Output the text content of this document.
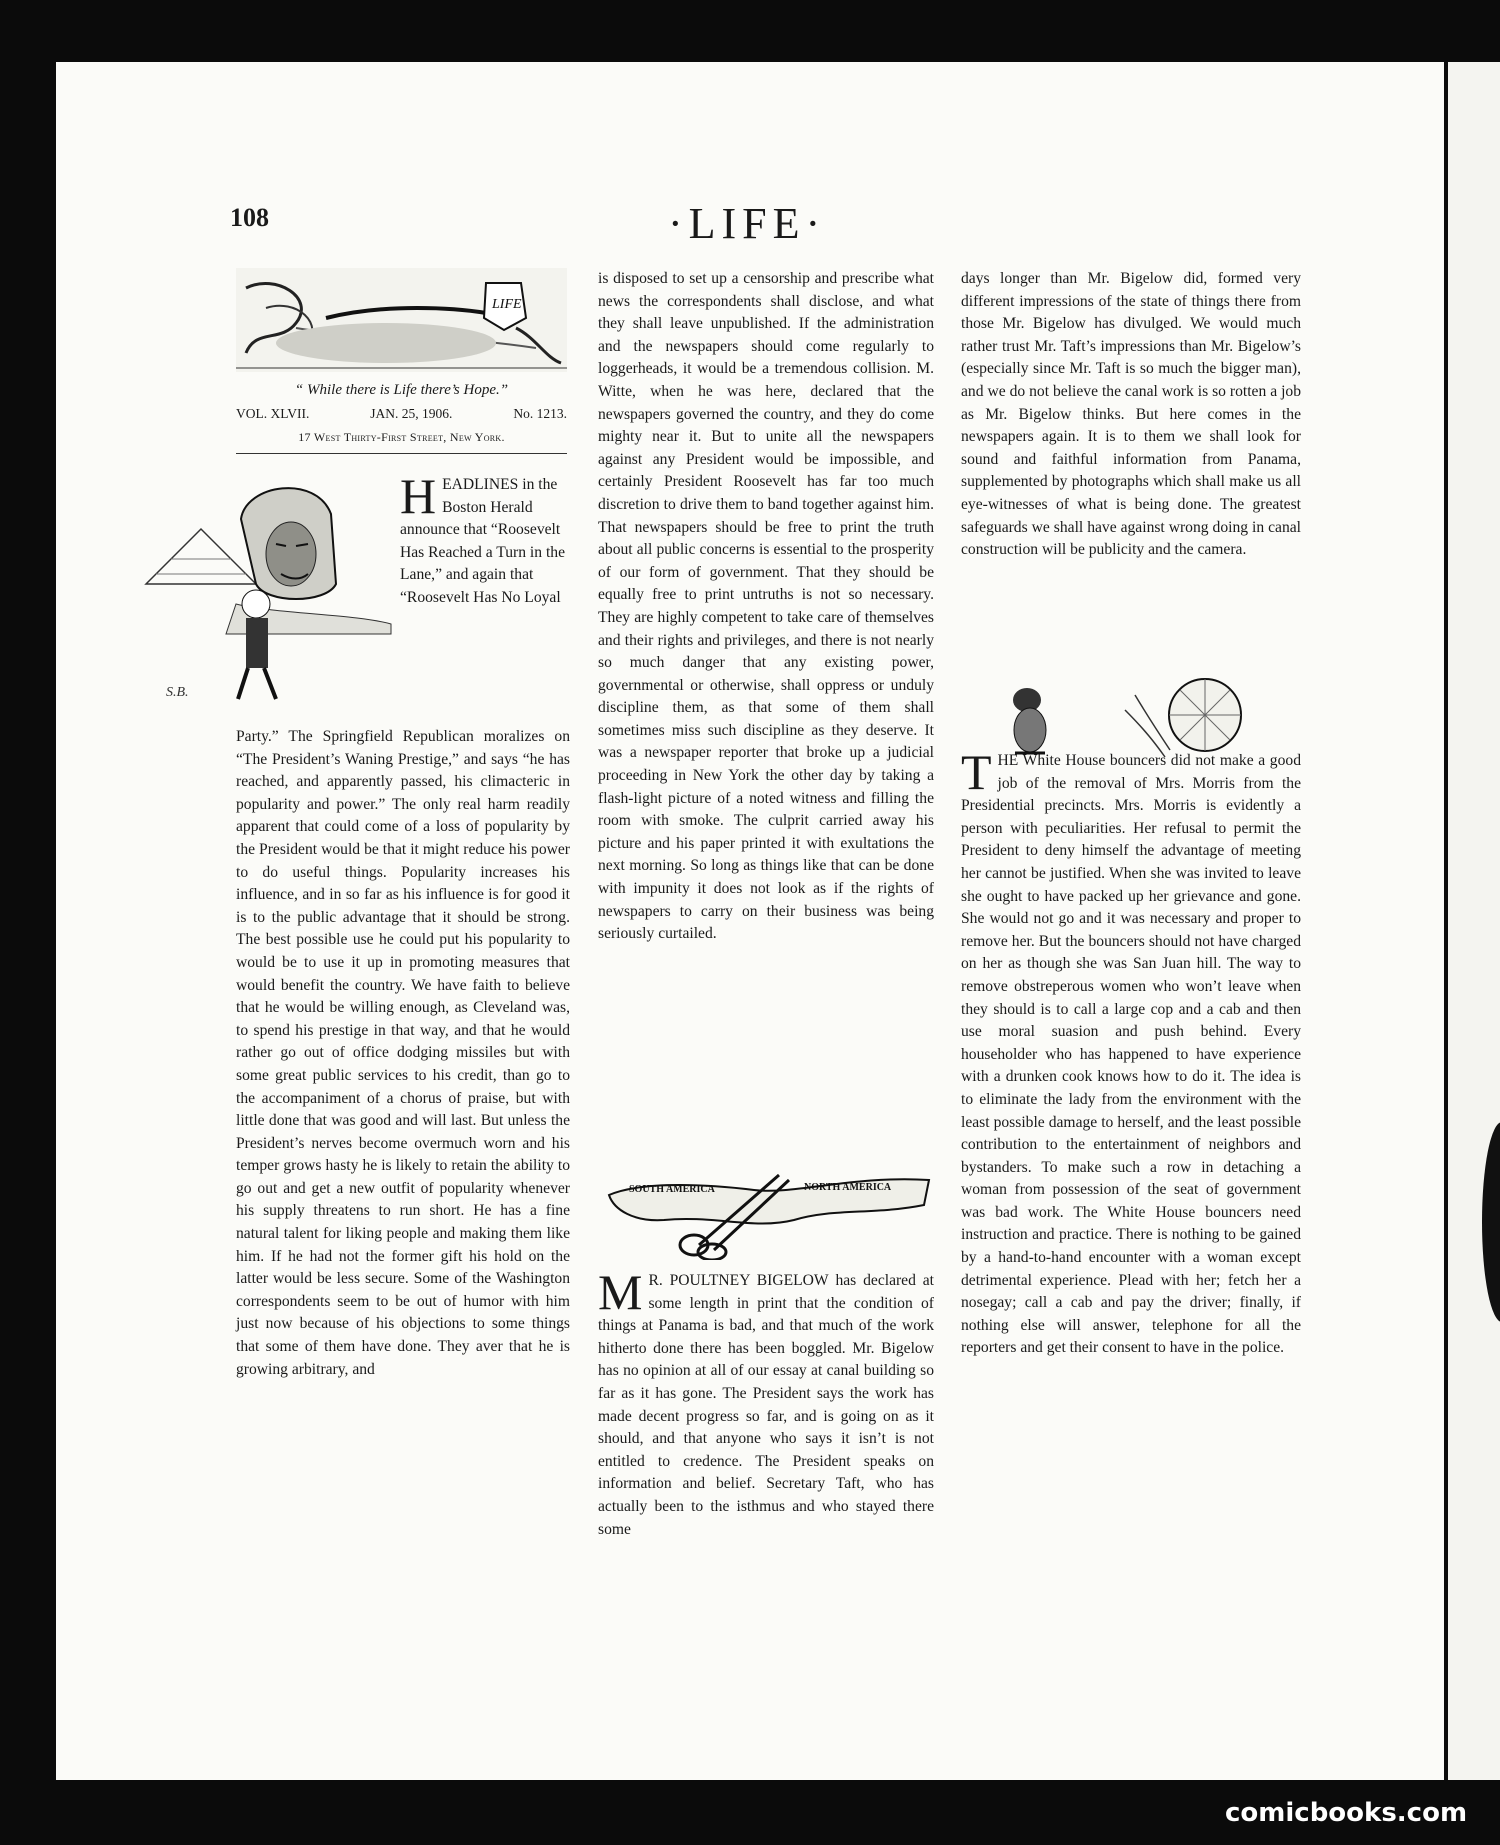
108	·LIFE·
LIFE
“ While there is Life there’s Hope.”
VOL. XLVII.	JAN. 25, 1906.	No. 1213.
17 West Thirty-First Street, New York.
S.B.
HEADLINES in the Boston Herald announce that “Roosevelt Has Reached a Turn in the Lane,” and again that “Roosevelt Has No Loyal

Party.” The Springfield Republican moralizes on “The President’s Waning Prestige,” and says “he has reached, and apparently passed, his climacteric in popularity and power.” The only real harm readily apparent that could come of a loss of popularity by the President would be that it might reduce his power to do useful things. Popularity increases his influence, and in so far as his influence is for good it is to the public advantage that it should be strong. The best possible use he could put his popularity to would be to use it up in promoting measures that would benefit the country. We have faith to believe that he would be willing enough, as Cleveland was, to spend his prestige in that way, and that he would rather go out of office dodging missiles but with some great public services to his credit, than go to the accompaniment of a chorus of praise, but with little done that was good and will last. But unless the President’s nerves become overmuch worn and his temper grows hasty he is likely to retain the ability to go out and get a new outfit of popularity whenever his supply threatens to run short. He has a fine natural talent for liking people and making them like him. If he had not the former gift his hold on the latter would be less secure. Some of the Washington correspondents seem to be out of humor with him just now because of his objections to some things that some of them have done. They aver that he is growing arbitrary, and

is disposed to set up a censorship and prescribe what news the correspondents shall disclose, and what they shall leave unpublished. If the administration and the newspapers should come regularly to loggerheads, it would be a tremendous collision. M. Witte, when he was here, declared that the newspapers governed the country, and they do come mighty near it. But to unite all the newspapers against any President would be impossible, and certainly President Roosevelt has far too much discretion to drive them to band together against him. That newspapers should be free to print the truth about all public concerns is essential to the prosperity of our form of government. That they should be equally free to print untruths is not so necessary. They are highly competent to take care of themselves and their rights and privileges, and there is not nearly so much danger that any existing power, governmental or otherwise, shall oppress or unduly discipline them, as that some of them shall sometimes miss such discipline as they deserve. It was a newspaper reporter that broke up a judicial proceeding in New York the other day by taking a flash-light picture of a noted witness and filling the room with smoke. The culprit carried away his picture and his paper printed it with exultations the next morning. So long as things like that can be done with impunity it does not look as if the rights of newspapers to carry on their business was being seriously curtailed.

SOUTH AMERICA	NORTH AMERICA

M R. POULTNEY BIGELOW has declared at some length in print that the condition of things at Panama is bad, and that much of the work hitherto done there has been boggled. Mr. Bigelow has no opinion at all of our essay at canal building so far as it has gone. The President says the work has made decent progress so far, and is going on as it should, and that anyone who says it isn’t is not entitled to credence. The President speaks on information and belief. Secretary Taft, who has actually been to the isthmus and who stayed there some

days longer than Mr. Bigelow did, formed very different impressions of the state of things there from those Mr. Bigelow has divulged. We would much rather trust Mr. Taft’s impressions than Mr. Bigelow’s (especially since Mr. Taft is so much the bigger man), and we do not believe the canal work is so rotten a job as Mr. Bigelow thinks. But here comes in the newspapers again. It is to them we shall look for sound and faithful information from Panama, supplemented by photographs which shall make us all eye-witnesses of what is being done. The greatest safeguards we shall have against wrong doing in canal construction will be publicity and the camera.

THE White House bouncers did not make a good job of the removal of Mrs. Morris from the Presidential precincts. Mrs. Morris is evidently a person with peculiarities. Her refusal to permit the President to deny himself the advantage of meeting her cannot be justified. When she was invited to leave she ought to have packed up her grievance and gone. She would not go and it was necessary and proper to remove her. But the bouncers should not have charged on her as though she was San Juan hill. The way to remove obstreperous women who won’t leave when they should is to call a large cop and a cab and then use moral suasion and push behind. Every householder who has happened to have experience with a drunken cook knows how to do it. The idea is to eliminate the lady from the environment with the least possible damage to herself, and the least possible contribution to the entertainment of neighbors and bystanders. To make such a row in detaching a woman from possession of the seat of government was bad work. The White House bouncers need instruction and practice. There is nothing to be gained by a hand-to-hand encounter with a woman except detrimental experience. Plead with her; fetch her a nosegay; call a cab and pay the driver; finally, if nothing else will answer, telephone for all the reporters and get their consent to have in the police.

comicbooks.com
